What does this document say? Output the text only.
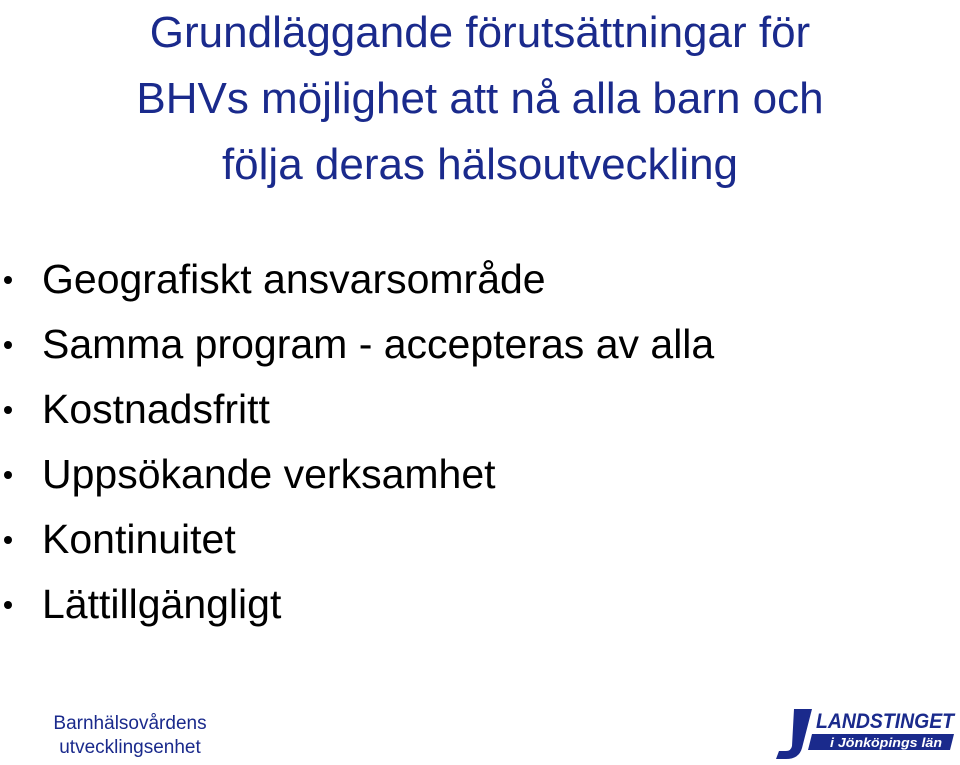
Grundläggande förutsättningar för
BHVs möjlighet att nå alla barn och
följa deras hälsoutveckling
Geografiskt ansvarsområde
Samma program - accepteras av alla
Kostnadsfritt
Uppsökande verksamhet
Kontinuitet
Lättillgängligt
Barnhälsovårdens
utvecklingsenhet
LANDSTINGET
i Jönköpings län
